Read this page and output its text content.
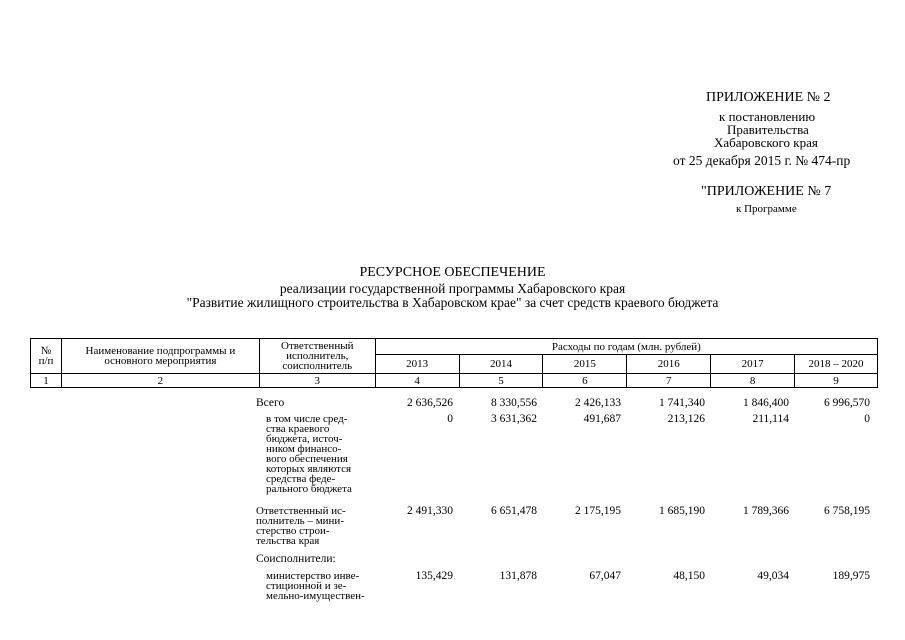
ПРИЛОЖЕНИЕ № 2
к постановлению
Правительства
Хабаровского края
от 25 декабря 2015 г. № 474-пр
"ПРИЛОЖЕНИЕ № 7
к Программе
РЕСУРСНОЕ ОБЕСПЕЧЕНИЕ
реализации государственной программы Хабаровского края
"Развитие жилищного строительства в Хабаровском крае" за счет средств краевого бюджета
№ п/п	Наименование подпрограммы и основного мероприятия	Ответственный исполнитель, соисполнитель	Расходы по годам (млн. рублей)					
			2013	2014	2015	2016	2017	2018 – 2020
1	2	3	4	5	6	7	8	9
Всего	2 636,526	8 330,556	2 426,133	1 741,340	1 846,400	6 996,570
в том числе сред-
ства краевого
бюджета, источ-
ником финансо-
вого обеспечения
которых являются
средства феде-
рального бюджета
0	3 631,362	491,687	213,126	211,114	0
Ответственный ис-
полнитель – мини-
стерство строи-
тельства края
2 491,330	6 651,478	2 175,195	1 685,190	1 789,366	6 758,195
Соисполнители:
министерство инве-
стиционной и зе-
мельно-имуществен-
135,429	131,878	67,047	48,150	49,034	189,975
